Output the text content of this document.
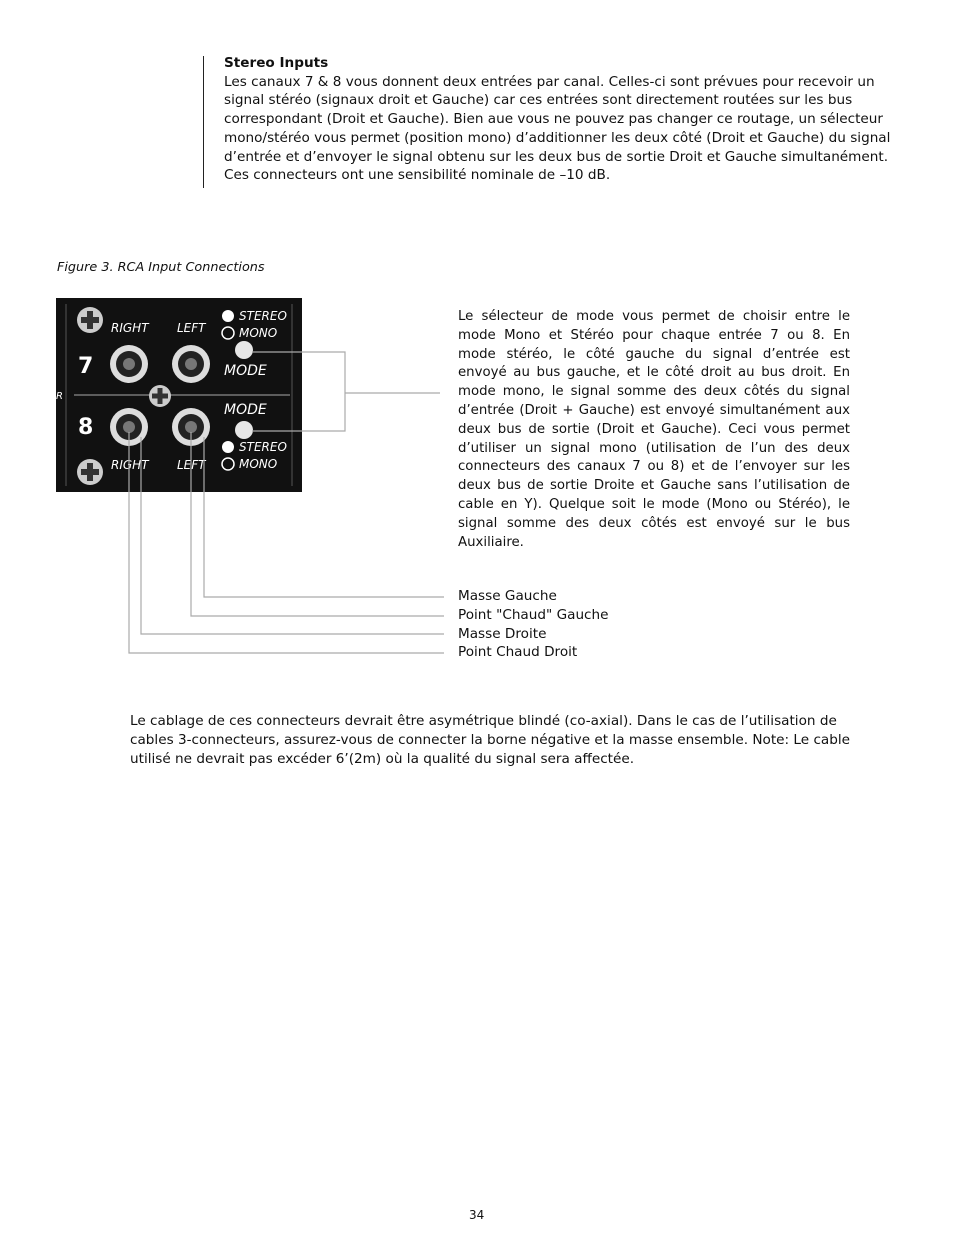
Stereo Inputs
Les canaux 7 & 8 vous donnent deux entrées par canal. Celles-ci sont prévues pour recevoir un signal stéréo (signaux droit et Gauche) car ces entrées sont directement routées sur les bus correspondant (Droit et Gauche). Bien aue vous ne pouvez pas changer ce routage, un sélecteur mono/stéréo vous permet (position mono) d’additionner les deux côté (Droit et Gauche) du signal d’entrée et d’envoyer le signal obtenu sur les deux bus de sortie Droit et Gauche simultanément. Ces connecteurs ont une sensibilité nominale de –10 dB.
Figure 3. RCA Input Connections
RIGHT LEFT
RIGHT LEFT
7
8
R
STEREO
MONO
MODE
MODE
STEREO
MONO
Le sélecteur de mode vous permet de choisir entre le mode Mono et Stéréo pour chaque entrée 7 ou 8. En mode stéréo, le côté gauche du signal d’entrée est envoyé au bus gauche, et le côté droit au bus droit. En mode mono, le signal somme des deux côtés du signal d’entrée (Droit + Gauche) est envoyé simultanément aux deux bus de sortie (Droit et Gauche). Ceci vous permet d’utiliser un signal mono (utilisation de l’un des deux connecteurs des canaux 7 ou 8) et de l’envoyer sur les deux bus de sortie Droite et Gauche sans l’utilisation de cable en Y). Quelque soit le mode (Mono ou Stéréo), le signal somme des deux côtés est envoyé sur le bus Auxiliaire.
Masse Gauche
Point "Chaud" Gauche
Masse Droite
Point Chaud Droit
Le cablage de ces connecteurs devrait être asymétrique blindé (co-axial). Dans le cas de l’utilisation de cables 3-connecteurs, assurez-vous de connecter la borne négative et la masse ensemble. Note: Le cable utilisé ne devrait pas excéder 6’(2m) où la qualité du signal sera affectée.
34
